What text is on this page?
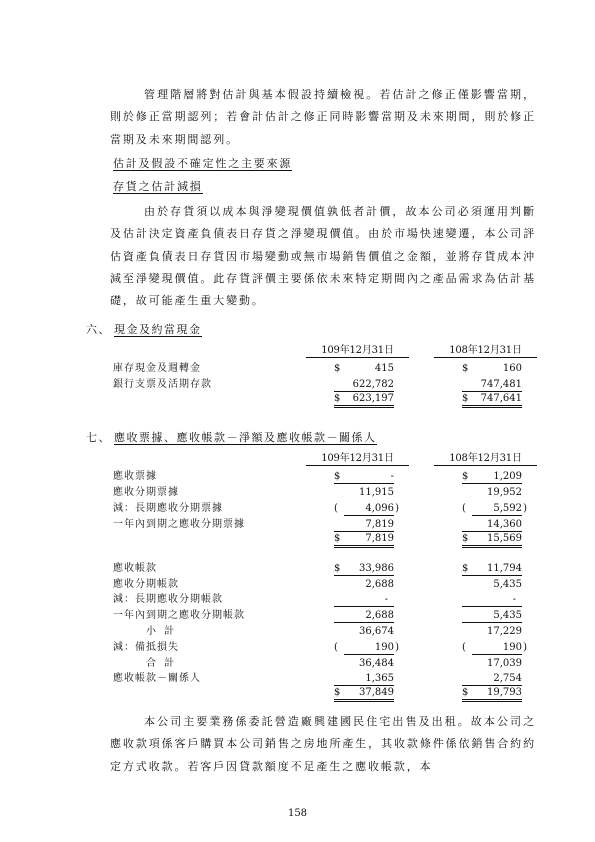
管理階層將對估計與基本假設持續檢視。若估計之修正僅影響當期，則於修正當期認列；若會計估計之修正同時影響當期及未來期間，則於修正當期及未來期間認列。

估計及假設不確定性之主要來源
存貨之估計減損

由於存貨須以成本與淨變現價值孰低者計價，故本公司必須運用判斷及估計決定資產負債表日存貨之淨變現價值。由於市場快速變遷，本公司評估資產負債表日存貨因市場變動或無市場銷售價值之金額，並將存貨成本沖減至淨變現價值。此存貨評價主要係依未來特定期間內之產品需求為估計基礎，故可能產生重大變動。

六、 現金及約當現金
109年12月31日	108年12月31日
庫存現金及週轉金	$	415	$	160
銀行支票及活期存款	622,782	747,481
$ 623,197	$ 747,641
七、 應收票據、應收帳款－淨額及應收帳款－關係人
109年12月31日	108年12月31日
應收票據	$	-	$ 1,209
應收分期票據	11,915	19,952
減：長期應收分期票據	(	4,096 )	(	5,592 )
一年內到期之應收分期票據	7,819	14,360
$ 7,819	$ 15,569
應收帳款	$ 33,986	$ 11,794
應收分期帳款	2,688	5,435
減：長期應收分期帳款	-	-
一年內到期之應收分期帳款	2,688	5,435
小計	36,674	17,229
減：備抵損失	(	190 )	(	190 )
合計	36,484	17,039
應收帳款－關係人	1,365	2,754
$ 37,849	$ 19,793

本公司主要業務係委託營造廠興建國民住宅出售及出租。故本公司之應收款項係客戶購買本公司銷售之房地所產生，其收款條件係依銷售合約約定方式收款。若客戶因貸款額度不足產生之應收帳款，本

158
